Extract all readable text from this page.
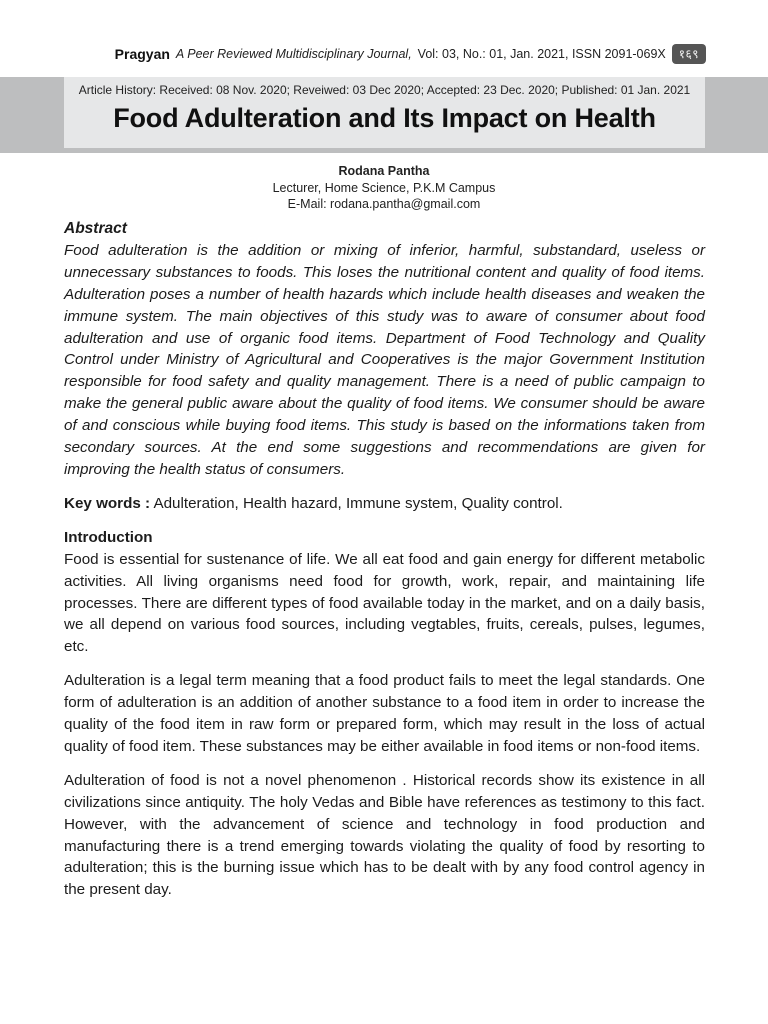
Pragyan A Peer Reviewed Multidisciplinary Journal, Vol: 03, No.: 01, Jan. 2021, ISSN 2091-069X	१६९
Article History: Received: 08 Nov. 2020; Reveiwed: 03 Dec 2020; Accepted: 23 Dec. 2020; Published: 01 Jan. 2021
Food Adulteration and Its Impact on Health
Rodana Pantha
Lecturer, Home Science, P.K.M Campus
E-Mail: rodana.pantha@gmail.com

Abstract

Food adulteration is the addition or mixing of inferior, harmful, substandard, useless or unnecessary substances to foods. This loses the nutritional content and quality of food items. Adulteration poses a number of health hazards which include health diseases and weaken the immune system. The main objectives of this study was to aware of consumer about food adulteration and use of organic food items. Department of Food Technology and Quality Control under Ministry of Agricultural and Cooperatives is the major Government Institution responsible for food safety and quality management. There is a need of public campaign to make the general public aware about the quality of food items. We consumer should be aware of and conscious while buying food items. This study is based on the informations taken from secondary sources. At the end some suggestions and recommendations are given for improving the health status of consumers.

Key words : Adulteration, Health hazard, Immune system, Quality control.

Introduction

Food is essential for sustenance of life. We all eat food and gain energy for different metabolic activities. All living organisms need food for growth, work, repair, and maintaining life processes. There are different types of food available today in the market, and on a daily basis, we all depend on various food sources, including vegtables, fruits, cereals, pulses, legumes, etc.

Adulteration is a legal term meaning that a food product fails to meet the legal standards. One form of adulteration is an addition of another substance to a food item in order to increase the quality of the food item in raw form or prepared form, which may result in the loss of actual quality of food item. These substances may be either available in food items or non-food items.

Adulteration of food is not a novel phenomenon . Historical records show its existence in all civilizations since antiquity. The holy Vedas and Bible have references as testimony to this fact. However, with the advancement of science and technology in food production and manufacturing there is a trend emerging towards violating the quality of food by resorting to adulteration; this is the burning issue which has to be dealt with by any food control agency in the present day.
